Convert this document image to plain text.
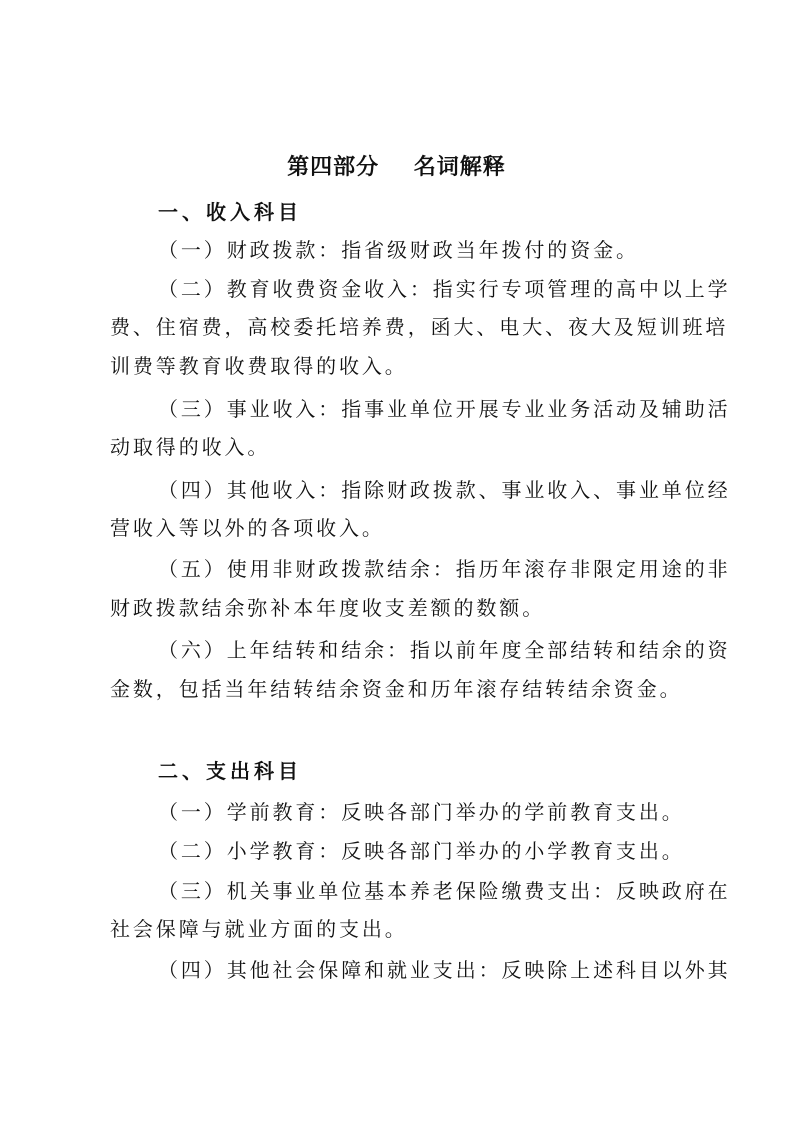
第四部分    名词解释
一、收入科目
（一）财政拨款：指省级财政当年拨付的资金。
（二）教育收费资金收入：指实行专项管理的高中以上学
费、住宿费，高校委托培养费，函大、电大、夜大及短训班培
训费等教育收费取得的收入。
（三）事业收入：指事业单位开展专业业务活动及辅助活
动取得的收入。
（四）其他收入：指除财政拨款、事业收入、事业单位经
营收入等以外的各项收入。
（五）使用非财政拨款结余：指历年滚存非限定用途的非
财政拨款结余弥补本年度收支差额的数额。
（六）上年结转和结余：指以前年度全部结转和结余的资
金数，包括当年结转结余资金和历年滚存结转结余资金。
二、支出科目
（一）学前教育：反映各部门举办的学前教育支出。
（二）小学教育：反映各部门举办的小学教育支出。
（三）机关事业单位基本养老保险缴费支出：反映政府在
社会保障与就业方面的支出。
（四）其他社会保障和就业支出：反映除上述科目以外其
